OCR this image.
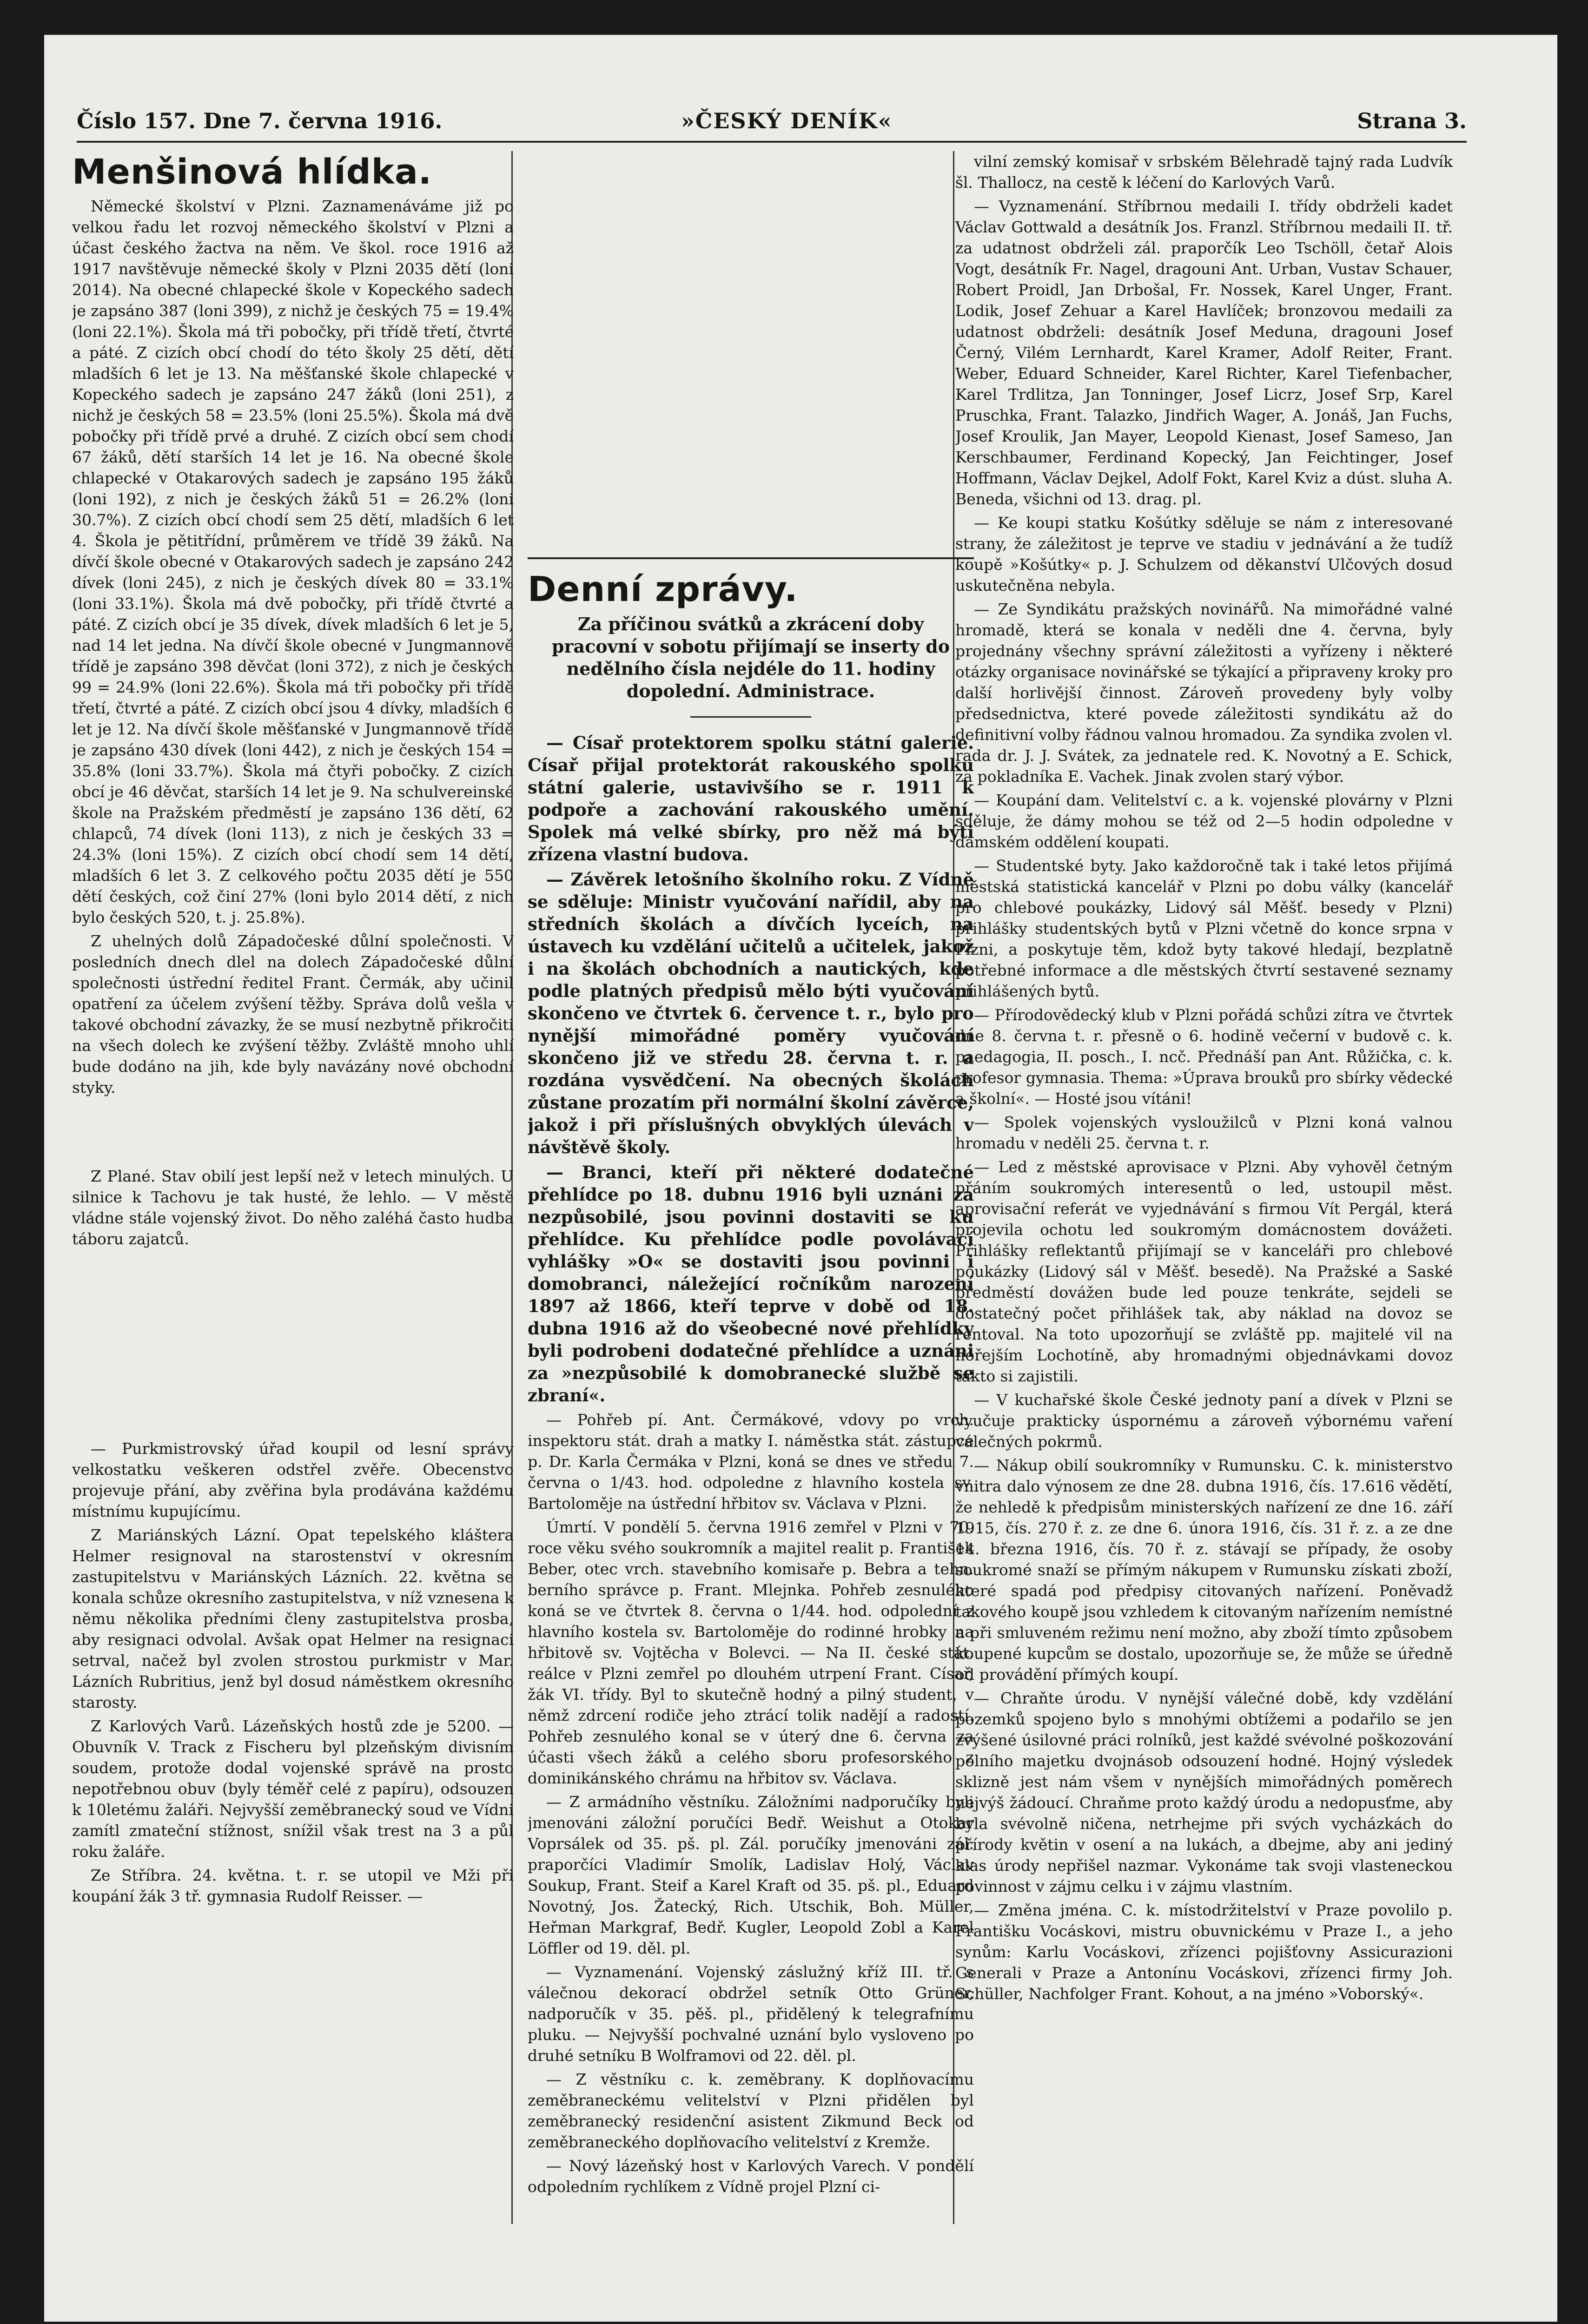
Číslo 157. Dne 7. června 1916.	»ČESKÝ DENÍK«	Strana 3.
Menšinová hlídka.

Německé školství v Plzni. Zaznamenáváme již po velkou řadu let rozvoj německého školství v Plzni a účast českého žactva na něm. Ve škol. roce 1916 až 1917 navštěvuje německé školy v Plzni 2035 dětí (loni 2014). Na obecné chlapecké škole v Kopeckého sadech je zapsáno 387 (loni 399), z nichž je českých 75 = 19.4% (loni 22.1%). Škola má tři pobočky, při třídě třetí, čtvrté a páté. Z cizích obcí chodí do této školy 25 dětí, dětí mladších 6 let je 13. Na měšťanské škole chlapecké v Kopeckého sadech je zapsáno 247 žáků (loni 251), z nichž je českých 58 = 23.5% (loni 25.5%). Škola má dvě pobočky při třídě prvé a druhé. Z cizích obcí sem chodí 67 žáků, dětí starších 14 let je 16. Na obecné škole chlapecké v Otakarových sadech je zapsáno 195 žáků (loni 192), z nich je českých žáků 51 = 26.2% (loni 30.7%). Z cizích obcí chodí sem 25 dětí, mladších 6 let 4. Škola je pětitřídní, průměrem ve třídě 39 žáků. Na dívčí škole obecné v Otakarových sadech je zapsáno 242 dívek (loni 245), z nich je českých dívek 80 = 33.1% (loni 33.1%). Škola má dvě pobočky, při třídě čtvrté a páté. Z cizích obcí je 35 dívek, dívek mladších 6 let je 5, nad 14 let jedna. Na dívčí škole obecné v Jungmannově třídě je zapsáno 398 děvčat (loni 372), z nich je českých 99 = 24.9% (loni 22.6%). Škola má tři pobočky při třídě třetí, čtvrté a páté. Z cizích obcí jsou 4 dívky, mladších 6 let je 12. Na dívčí škole měšťanské v Jungmannově třídě je zapsáno 430 dívek (loni 442), z nich je českých 154 = 35.8% (loni 33.7%). Škola má čtyři pobočky. Z cizích obcí je 46 děvčat, starších 14 let je 9. Na schulvereinské škole na Pražském předměstí je zapsáno 136 dětí, 62 chlapců, 74 dívek (loni 113), z nich je českých 33 = 24.3% (loni 15%). Z cizích obcí chodí sem 14 dětí, mladších 6 let 3. Z celkového počtu 2035 dětí je 550 dětí českých, což činí 27% (loni bylo 2014 dětí, z nich bylo českých 520, t. j. 25.8%).

Z uhelných dolů Západočeské důlní společnosti. V posledních dnech dlel na dolech Západočeské důlní společnosti ústřední ředitel Frant. Čermák, aby učinil opatření za účelem zvýšení těžby. Správa dolů vešla v takové obchodní závazky, že se musí nezbytně přikročiti na všech dolech ke zvýšení těžby. Zvláště mnoho uhlí bude dodáno na jih, kde byly navázány nové obchodní styky.

Z Plané. Stav obilí jest lepší než v letech minulých. U silnice k Tachovu je tak husté, že lehlo. — V městě vládne stále vojenský život. Do něho zaléhá často hudba táboru zajatců.

— Purkmistrovský úřad koupil od lesní správy velkostatku veškeren odstřel zvěře. Obecenstvo projevuje přání, aby zvěřina byla prodávána každému místnímu kupujícímu.

Z Mariánských Lázní. Opat tepelského kláštera Helmer resignoval na starostenství v okresním zastupitelstvu v Mariánských Lázních. 22. května se konala schůze okresního zastupitelstva, v níž vznesena k němu několika předními členy zastupitelstva prosba, aby resignaci odvolal. Avšak opat Helmer na resignaci setrval, načež byl zvolen strostou purkmistr v Mar. Lázních Rubritius, jenž byl dosud náměstkem okresního starosty.

Z Karlových Varů. Lázeňských hostů zde je 5200. — Obuvník V. Track z Fischeru byl plzeňským divisním soudem, protože dodal vojenské správě na prosto nepotřebnou obuv (byly téměř celé z papíru), odsouzen k 10letému žaláři. Nejvyšší zeměbranecký soud ve Vídni zamítl zmateční stížnost, snížil však trest na 3 a půl roku žaláře.

Ze Stříbra. 24. května. t. r. se utopil ve Mži při koupání žák 3 tř. gymnasia Rudolf Reisser. —

Denní zprávy.
Za příčinou svátků a zkrácení doby pracovní v sobotu přijímají se inserty do nedělního čísla nejdéle do 11. hodiny dopolední. Administrace.

— Císař protektorem spolku státní galerie. Císař přijal protektorát rakouského spolku státní galerie, ustavivšího se r. 1911 k podpoře a zachování rakouského umění. Spolek má velké sbírky, pro něž má býti zřízena vlastní budova.

— Závěrek letošního školního roku. Z Vídně se sděluje: Ministr vyučování nařídil, aby na středních školách a dívčích lyceích, na ústavech ku vzdělání učitelů a učitelek, jakož i na školách obchodních a nautických, kde podle platných předpisů mělo býti vyučování skončeno ve čtvrtek 6. července t. r., bylo pro nynější mimořádné poměry vyučování skončeno již ve středu 28. června t. r. a rozdána vysvědčení. Na obecných školách zůstane prozatím při normální školní závěrce, jakož i při příslušných obvyklých úlevách v návštěvě školy.

— Branci, kteří při některé dodatečné přehlídce po 18. dubnu 1916 byli uznáni za nezpůsobilé, jsou povinni dostaviti se ku přehlídce. Ku přehlídce podle povolávací vyhlášky »O« se dostaviti jsou povinni i domobranci, náležející ročníkům narození 1897 až 1866, kteří teprve v době od 18. dubna 1916 až do všeobecné nové přehlídky byli podrobeni dodatečné přehlídce a uznáni za »nezpůsobilé k domobranecké službě se zbraní«.

— Pohřeb pí. Ant. Čermákové, vdovy po vrch. inspektoru stát. drah a matky I. náměstka stát. zástupce p. Dr. Karla Čermáka v Plzni, koná se dnes ve středu 7. června o 1/43. hod. odpoledne z hlavního kostela sv. Bartoloměje na ústřední hřbitov sv. Václava v Plzni.

Úmrtí. V pondělí 5. června 1916 zemřel v Plzni v 70. roce věku svého soukromník a majitel realit p. František Beber, otec vrch. stavebního komisaře p. Bebra a tehn. berního správce p. Frant. Mlejnka. Pohřeb zesnulého koná se ve čtvrtek 8. června o 1/44. hod. odpolední z hlavního kostela sv. Bartoloměje do rodinné hrobky na hřbitově sv. Vojtěcha v Bolevci. — Na II. české stát. reálce v Plzni zemřel po dlouhém utrpení Frant. Císař, žák VI. třídy. Byl to skutečně hodný a pilný student, v němž zdrcení rodiče jeho ztrácí tolik nadějí a radostí. Pohřeb zesnulého konal se v úterý dne 6. června za účasti všech žáků a celého sboru profesorského z dominikánského chrámu na hřbitov sv. Václava.

— Z armádního věstníku. Záložními nadporučíky byli jmenováni záložní poručíci Bedř. Weishut a Otokar Voprsálek od 35. pš. pl. Zál. poručíky jmenováni zál. praporčíci Vladimír Smolík, Ladislav Holý, Václav Soukup, Frant. Steif a Karel Kraft od 35. pš. pl., Eduard Novotný, Jos. Žatecký, Rich. Utschik, Boh. Müller, Heřman Markgraf, Bedř. Kugler, Leopold Zobl a Karel Löffler od 19. děl. pl.

— Vyznamenání. Vojenský záslužný kříž III. tř. s válečnou dekorací obdržel setník Otto Grüner, nadporučík v 35. pěš. pl., přidělený k telegrafnímu pluku. — Nejvyšší pochvalné uznání bylo vysloveno po druhé setníku B Wolframovi od 22. děl. pl.

— Z věstníku c. k. zeměbrany. K doplňovacímu zeměbraneckému velitelství v Plzni přidělen byl zeměbranecký residenční asistent Zikmund Beck od zeměbraneckého doplňovacího velitelství z Kremže.

— Nový lázeňský host v Karlových Varech. V pondělí odpoledním rychlíkem z Vídně projel Plzní ci-

vilní zemský komisař v srbském Bělehradě tajný rada Ludvík šl. Thallocz, na cestě k léčení do Karlových Varů.

— Vyznamenání. Stříbrnou medaili I. třídy obdrželi kadet Václav Gottwald a desátník Jos. Franzl. Stříbrnou medaili II. tř. za udatnost obdrželi zál. praporčík Leo Tschöll, četař Alois Vogt, desátník Fr. Nagel, dragouni Ant. Urban, Vustav Schauer, Robert Proidl, Jan Drbošal, Fr. Nossek, Karel Unger, Frant. Lodik, Josef Zehuar a Karel Havlíček; bronzovou medaili za udatnost obdrželi: desátník Josef Meduna, dragouni Josef Černý, Vilém Lernhardt, Karel Kramer, Adolf Reiter, Frant. Weber, Eduard Schneider, Karel Richter, Karel Tiefenbacher, Karel Trdlitza, Jan Tonninger, Josef Licrz, Josef Srp, Karel Pruschka, Frant. Talazko, Jindřich Wager, A. Jonáš, Jan Fuchs, Josef Kroulik, Jan Mayer, Leopold Kienast, Josef Sameso, Jan Kerschbaumer, Ferdinand Kopecký, Jan Feichtinger, Josef Hoffmann, Václav Dejkel, Adolf Fokt, Karel Kviz a dúst. sluha A. Beneda, všichni od 13. drag. pl.

— Ke koupi statku Košútky sděluje se nám z interesované strany, že záležitost je teprve ve stadiu v jednávání a že tudíž koupě »Košútky« p. J. Schulzem od děkanství Ulčových dosud uskutečněna nebyla.

— Ze Syndikátu pražských novinářů. Na mimořádné valné hromadě, která se konala v neděli dne 4. června, byly projednány všechny správní záležitosti a vyřízeny i některé otázky organisace novinářské se týkající a připraveny kroky pro další horlivější činnost. Zároveň provedeny byly volby předsednictva, které povede záležitosti syndikátu až do definitivní volby řádnou valnou hromadou. Za syndika zvolen vl. rada dr. J. J. Svátek, za jednatele red. K. Novotný a E. Schick, za pokladníka E. Vachek. Jinak zvolen starý výbor.

— Koupání dam. Velitelství c. a k. vojenské plovárny v Plzni sděluje, že dámy mohou se též od 2—5 hodin odpoledne v dámském oddělení koupati.

— Studentské byty. Jako každoročně tak i také letos přijímá městská statistická kancelář v Plzni po dobu války (kancelář pro chlebové poukázky, Lidový sál Měšť. besedy v Plzni) přihlášky studentských bytů v Plzni včetně do konce srpna v Plzni, a poskytuje těm, kdož byty takové hledají, bezplatně potřebné informace a dle městských čtvrtí sestavené seznamy přihlášených bytů.

— Přírodovědecký klub v Plzni pořádá schůzi zítra ve čtvrtek dne 8. června t. r. přesně o 6. hodině večerní v budově c. k. paedagogia, II. posch., I. ncč. Přednáší pan Ant. Růžička, c. k. profesor gymnasia. Thema: »Úprava brouků pro sbírky vědecké a školní«. — Hosté jsou vítáni!

— Spolek vojenských vysloužilců v Plzni koná valnou hromadu v neděli 25. června t. r.

— Led z městské aprovisace v Plzni. Aby vyhověl četným přáním soukromých interesentů o led, ustoupil měst. aprovisační referát ve vyjednávání s firmou Vít Pergál, která projevila ochotu led soukromým domácnostem dovážeti. Přihlášky reflektantů přijímají se v kanceláři pro chlebové poukázky (Lidový sál v Měšť. besedě). Na Pražské a Saské předměstí dovážen bude led pouze tenkráte, sejdeli se dostatečný počet přihlášek tak, aby náklad na dovoz se rentoval. Na toto upozorňují se zvláště pp. majitelé vil na hořejším Lochotíně, aby hromadnými objednávkami dovoz takto si zajistili.

— V kuchařské škole České jednoty paní a dívek v Plzni se vyučuje prakticky úspornému a zároveň výbornému vaření válečných pokrmů.

— Nákup obilí soukromníky v Rumunsku. C. k. ministerstvo vnitra dalo výnosem ze dne 28. dubna 1916, čís. 17.616 vědětí, že nehledě k předpisům ministerských nařízení ze dne 16. září 1915, čís. 270 ř. z. ze dne 6. února 1916, čís. 31 ř. z. a ze dne 14. března 1916, čís. 70 ř. z. stávají se případy, že osoby soukromé snaží se přímým nákupem v Rumunsku získati zboží, které spadá pod předpisy citovaných nařízení. Poněvadž takového koupě jsou vzhledem k citovaným nařízením nemístné a při smluveném režimu není možno, aby zboží tímto způsobem koupené kupcům se dostalo, upozorňuje se, že může se úředně od provádění přímých koupí.

— Chraňte úrodu. V nynější válečné době, kdy vzdělání pozemků spojeno bylo s mnohými obtížemi a podařilo se jen zvýšené úsilovné práci rolníků, jest každé svévolné poškozování polního majetku dvojnásob odsouzení hodné. Hojný výsledek sklizně jest nám všem v nynějších mimořádných poměrech nejvýš žádoucí. Chraňme proto každý úrodu a nedopusťme, aby byla svévolně ničena, netrhejme při svých vycházkách do přírody květin v osení a na lukách, a dbejme, aby ani jediný klas úrody nepřišel nazmar. Vykonáme tak svoji vlasteneckou povinnost v zájmu celku i v zájmu vlastním.

— Změna jména. C. k. místodržitelství v Praze povolilo p. Františku Vocáskovi, mistru obuvnickému v Praze I., a jeho synům: Karlu Vocáskovi, zřízenci pojišťovny Assicurazioni Generali v Praze a Antonínu Vocáskovi, zřízenci firmy Joh. Schüller, Nachfolger Frant. Kohout, a na jméno »Voborský«.
